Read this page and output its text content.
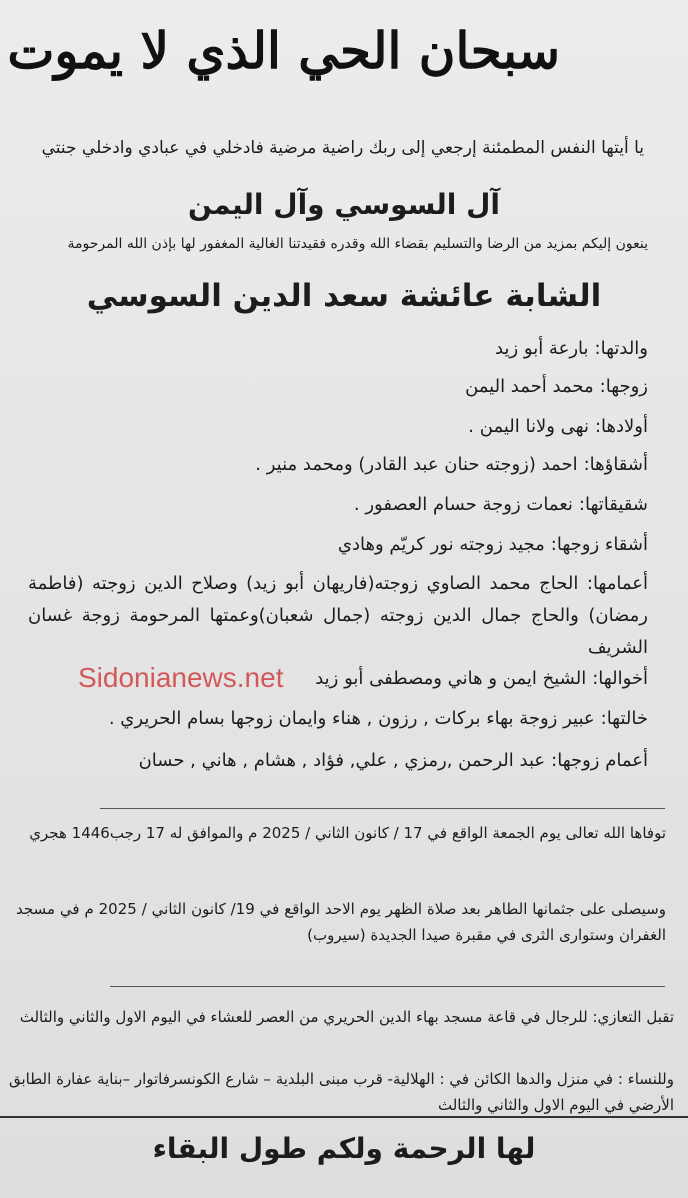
سبحان الحي الذي لا يموت
يا أيتها النفس المطمئنة إرجعي إلى ربك راضية مرضية فادخلي في عبادي وادخلي جنتي
آل السوسي وآل اليمن
ينعون إليكم بمزيد من الرضا والتسليم بقضاء الله وقدره فقيدتنا الغالية المغفور لها بإذن الله المرحومة
الشابة عائشة سعد الدين السوسي
والدتها:بارعة أبو زيد
زوجها:محمد أحمد اليمن
أولادها:نهى ولانا اليمن .
أشقاؤها:احمد (زوجته حنان عبد القادر) ومحمد منير .
شقيقاتها:نعمات زوجة حسام العصفور .
أشقاء زوجها:مجيد زوجته نور كريّم وهادي
أعمامها: الحاج محمد الصاوي زوجته(فاريهان أبو زيد) وصلاح الدين زوجته (فاطمة رمضان) والحاج جمال الدين زوجته (جمال شعبان)وعمتها المرحومة زوجة غسان الشريف
أخوالها:الشيخ ايمن و هاني ومصطفى أبو زيد
Sidonianews.net
خالتها:عبير زوجة بهاء بركات , رزون , هناء وايمان زوجها بسام الحريري .
أعمام زوجها:عبد الرحمن ,رمزي , علي, فؤاد , هشام , هاني , حسان
توفاها الله تعالى يوم الجمعة الواقع في 17 / كانون الثاني / 2025 م والموافق له 17 رجب1446 هجري
وسيصلى على جثمانها الطاهر بعد صلاة الظهر يوم الاحد الواقع في 19/ كانون الثاني / 2025 م في مسجد الغفران وستوارى الثرى في مقبرة صيدا الجديدة (سيروب)
تقبل التعازي: للرجال في قاعة مسجد بهاء الدين الحريري من العصر للعشاء في اليوم الاول والثاني والثالث
وللنساء : في منزل والدها الكائن في : الهلالية- قرب مبنى البلدية – شارع الكونسرفاتوار –بناية عفارة الطابق الأرضي في اليوم الاول والثاني والثالث
لها الرحمة ولكم طول البقاء
